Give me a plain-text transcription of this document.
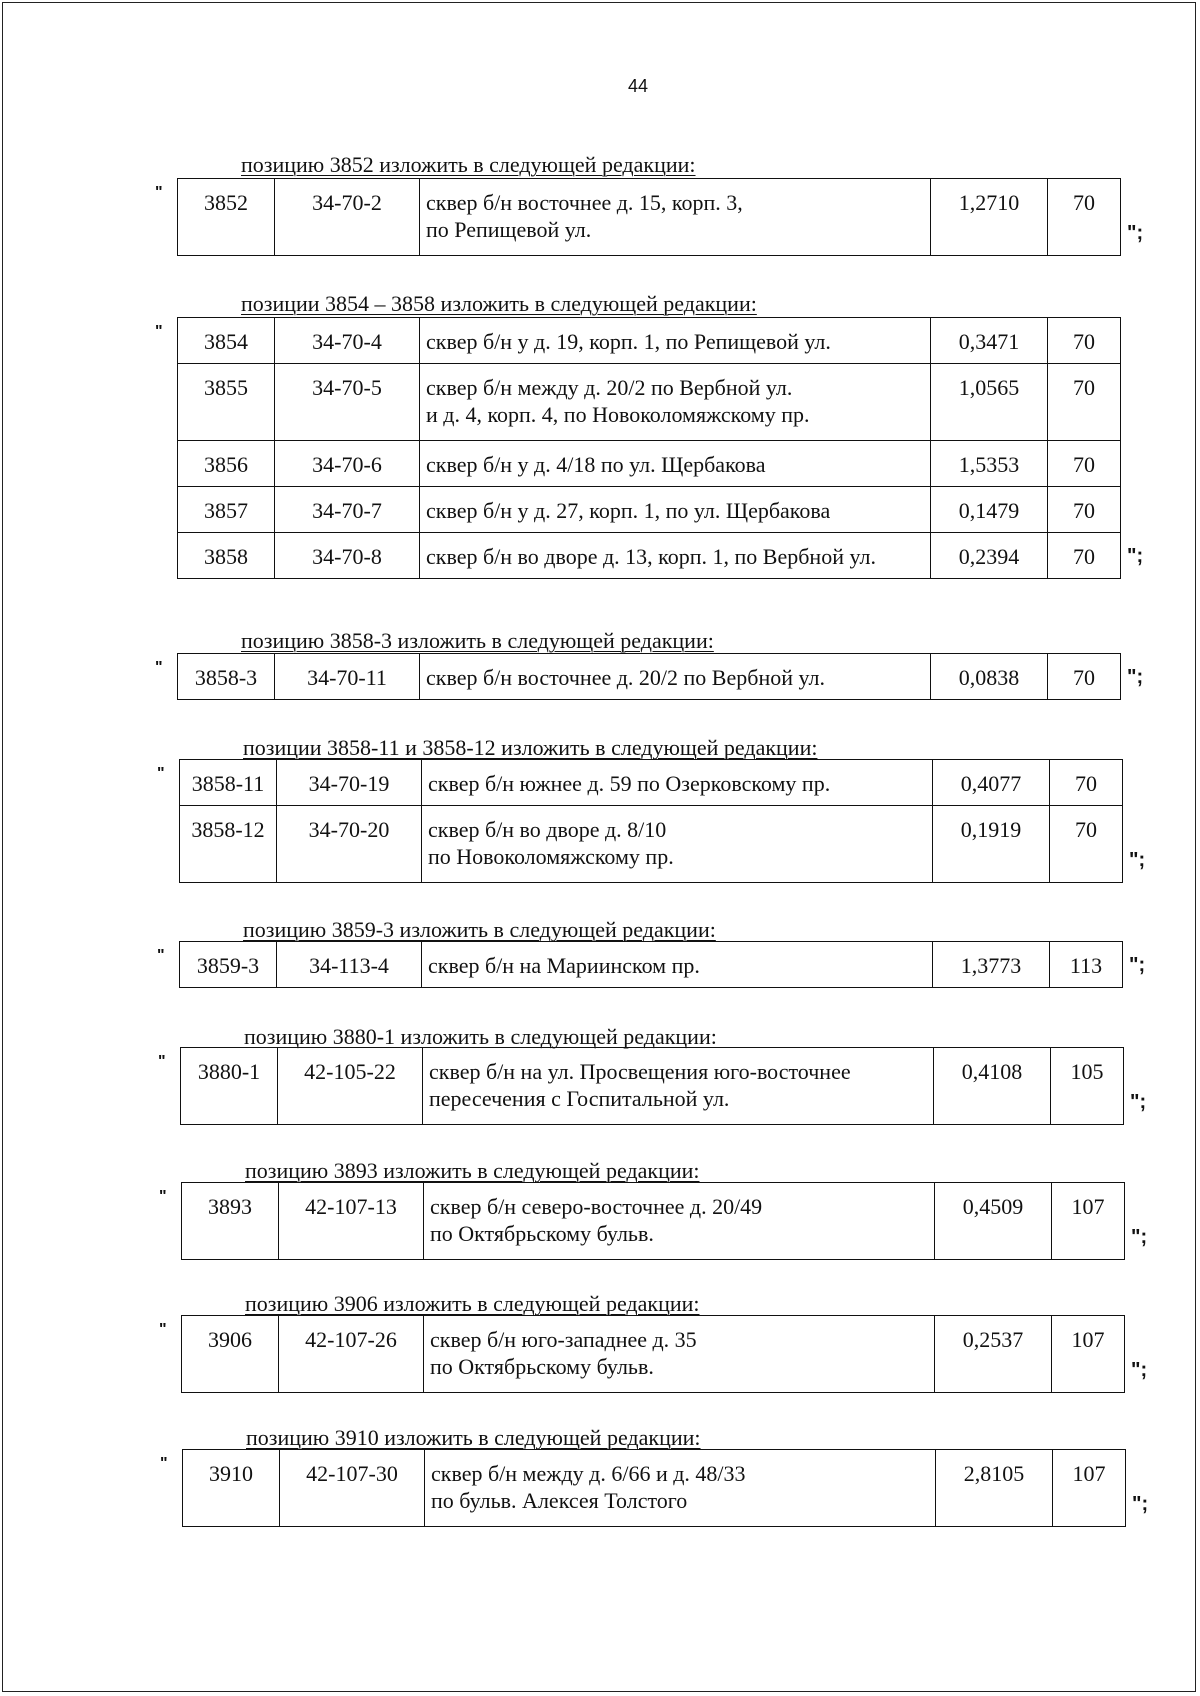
44
позицию 3852 изложить в следующей редакции:
" 3852	34-70-2	сквер б/н восточнее д. 15, корп. 3,
по Репищевой ул.
	1,2710	70
";
позиции 3854 – 3858 изложить в следующей редакции:
" 3854	34-70-4	сквер б/н у д. 19, корп. 1, по Репищевой ул.	0,3471	70
3855	34-70-5	сквер б/н между д. 20/2 по Вербной ул.
и д. 4, корп. 4, по Новоколомяжскому пр.	1,0565	70
3856	34-70-6	сквер б/н у д. 4/18 по ул. Щербакова	1,5353	70
3857	34-70-7	сквер б/н у д. 27, корп. 1, по ул. Щербакова	0,1479	70
3858	34-70-8	сквер б/н во дворе д. 13, корп. 1, по Вербной ул.	0,2394	70 ";
позицию 3858-3 изложить в следующей редакции:
" 3858-3	34-70-11	сквер б/н восточнее д. 20/2 по Вербной ул.	0,0838	70 ";
позиции 3858-11 и 3858-12 изложить в следующей редакции:
" 3858-11	34-70-19	сквер б/н южнее д. 59 по Озерковскому пр.	0,4077	70
3858-12	34-70-20	сквер б/н во дворе д. 8/10
по Новоколомяжскому пр.	0,1919	70
";
позицию 3859-3 изложить в следующей редакции:
" 3859-3	34-113-4	сквер б/н на Мариинском пр.	1,3773	113 ";
позицию 3880-1 изложить в следующей редакции:
" 3880-1	42-105-22	сквер б/н на ул. Просвещения юго-восточнее
пересечения с Госпитальной ул.
	0,4108	105
";
позицию 3893 изложить в следующей редакции:
" 3893	42-107-13	сквер б/н северо-восточнее д. 20/49
по Октябрьскому бульв.
	0,4509	107
";
позицию 3906 изложить в следующей редакции:
" 3906	42-107-26	сквер б/н юго-западнее д. 35
по Октябрьскому бульв.
	0,2537	107
";
позицию 3910 изложить в следующей редакции:
" 3910	42-107-30	сквер б/н между д. 6/66 и д. 48/33
по бульв. Алексея Толстого
	2,8105	107
";
